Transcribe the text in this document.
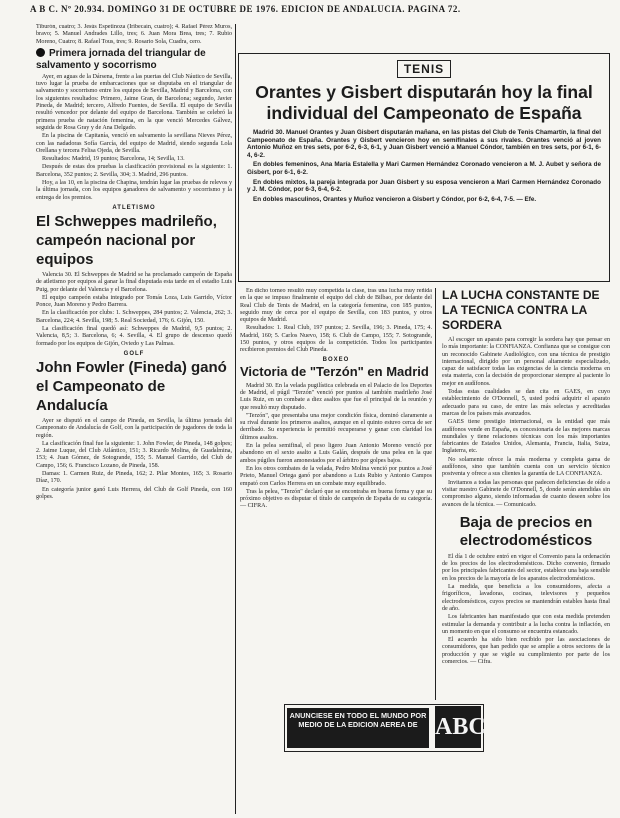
A B C. Nº 20.934. DOMINGO 31 DE OCTUBRE DE 1976. EDICION DE ANDALUCIA. PAGINA 72.

Tiburón, cuatro; 3. Jesús Espetinoza (Iribecaín, cuatro); 4. Rafael Pérez Muros, bravo; 5. Manuel Andrades Lillo, tres; 6. Juan Mora Brea, tres; 7. Rubio Moreno, Cuatro; 8. Rafael Tous, tres; 9. Rosario Sola, Cuadra, cero.

Primera jornada del triangular de salvamento y socorrismo

Ayer, en aguas de la Dársena, frente a las puertas del Club Náutico de Sevilla, tuvo lugar la prueba de embarcaciones que se disputaba en el triangular de salvamento y socorrismo entre los equipos de Sevilla, Madrid y Barcelona, con los siguientes resultados: Primero, Jaime Gran, de Barcelona; segundo, Javier Pineda, de Madrid; tercero, Alfredo Fuentes, de Sevilla. El equipo de Sevilla resultó vencedor por delante del equipo de Barcelona. También se celebró la primera prueba de natación femenina, en la que venció Mercedes Gálvez, seguida de Rosa Gray y de Ana Delgado.

En la piscina de Capitanía, venció en salvamento la sevillana Nieves Pérez, con las nadadoras Sofía García, del equipo de Madrid, siendo segunda Lola Orellana y tercera Felisa Ojeda, de Sevilla.

Resultados: Madrid, 19 puntos; Barcelona, 14; Sevilla, 13.

Después de estas dos pruebas la clasificación provisional es la siguiente: 1. Barcelona, 352 puntos; 2. Sevilla, 304; 3. Madrid, 296 puntos.

Hoy, a las 10, en la piscina de Chapina, tendrán lugar las pruebas de relevos y la última jornada, con los equipos ganadores de salvamento y socorrismo y la entrega de los premios.

ATLETISMO

El Schweppes madrileño, campeón nacional por equipos

Valencia 30. El Schweppes de Madrid se ha proclamado campeón de España de atletismo por equipos al ganar la final disputada esta tarde en el estadio Luis Puig, por delante del Valencia y el Barcelona.

El equipo campeón estaba integrado por Tomás Loza, Luis Garrido, Víctor Ponce, Juan Moreno y Pedro Barrera.

En la clasificación por clubs: 1. Schweppes, 284 puntos; 2. Valencia, 262; 3. Barcelona, 224; 4. Sevilla, 198; 5. Real Sociedad, 176; 6. Gijón, 150.

La clasificación final quedó así: Schweppes de Madrid, 9,5 puntos; 2. Valencia, 8,5; 3. Barcelona, 6; 4. Sevilla, 4. El grupo de descenso quedó formado por los equipos de Gijón, Oviedo y Las Palmas.

GOLF

John Fowler (Fineda) ganó el Campeonato de Andalucía

Ayer se disputó en el campo de Pineda, en Sevilla, la última jornada del Campeonato de Andalucía de Golf, con la participación de jugadores de toda la región.

La clasificación final fue la siguiente: 1. John Fowler, de Pineda, 148 golpes; 2. Jaime Luque, del Club Atlántico, 151; 3. Ricardo Molina, de Guadalmina, 153; 4. Juan Gómez, de Sotogrande, 155; 5. Manuel Garrido, del Club de Campo, 156; 6. Francisco Lozano, de Pineda, 158.

Damas: 1. Carmen Ruiz, de Pineda, 162; 2. Pilar Montes, 165; 3. Rosario Díaz, 170.

En categoría junior ganó Luis Herrera, del Club de Golf Pineda, con 160 golpes.

TENIS

Orantes y Gisbert disputarán hoy la final individual del Campeonato de España

Madrid 30. Manuel Orantes y Juan Gisbert disputarán mañana, en las pistas del Club de Tenis Chamartín, la final del Campeonato de España. Orantes y Gisbert vencieron hoy en semifinales a sus rivales. Orantes venció al joven Antonio Muñoz en tres sets, por 6-2, 6-3, 6-1, y Juan Gisbert venció a Manuel Cóndor, también en tres sets, por 6-1, 6-4, 6-2.

En dobles femeninos, Ana María Estalella y Mari Carmen Hernández Coronado vencieron a M. J. Aubet y señora de Gisbert, por 6-1, 6-2.

En dobles mixtos, la pareja integrada por Juan Gisbert y su esposa vencieron a Mari Carmen Hernández Coronado y J. M. Cóndor, por 6-3, 6-4, 6-2.

En dobles masculinos, Orantes y Muñoz vencieron a Gisbert y Cóndor, por 6-2, 6-4, 7-5. — Efe.

En dicho torneo resultó muy competida la clase, tras una lucha muy reñida en la que se impuso finalmente el equipo del club de Bilbao, por delante del Real Club de Tenis de Madrid, en la categoría femenina, con 185 puntos, seguido muy de cerca por el equipo de Sevilla, con 183 puntos, y otros equipos de Madrid.

Resultados: 1. Real Club, 197 puntos; 2. Sevilla, 196; 3. Pineda, 175; 4. Madrid, 160; 5. Carlos Nuevo, 158; 6. Club de Campo, 155; 7. Sotogrande, 150 puntos, y otros equipos de la competición. Todos los participantes recibieron premios del Club Pineda.

BOXEO

Victoria de "Terzón" en Madrid

Madrid 30. En la velada pugilística celebrada en el Palacio de los Deportes de Madrid, el púgil "Terzón" venció por puntos al también madrileño José Luis Ruiz, en un combate a diez asaltos que fue el principal de la reunión y que resultó muy disputado.

"Terzón", que presentaba una mejor condición física, dominó claramente a su rival durante los primeros asaltos, aunque en el quinto estuvo cerca de ser derribado. Su experiencia le permitió recuperarse y ganar con claridad los últimos asaltos.

En la pelea semifinal, el peso ligero Juan Antonio Moreno venció por abandono en el sexto asalto a Luis Galán, después de una pelea en la que ambos púgiles fueron amonestados por el árbitro por golpes bajos.

En los otros combates de la velada, Pedro Molina venció por puntos a José Prieto, Manuel Ortega ganó por abandono a Luis Rubio y Antonio Campos empató con Carlos Herrera en un combate muy equilibrado.

Tras la pelea, "Terzón" declaró que se encontraba en buena forma y que su próximo objetivo es disputar el título de campeón de España de su categoría. — CIFRA.

LA LUCHA CONSTANTE DE LA TECNICA CONTRA LA SORDERA

Al escoger un aparato para corregir la sordera hay que pensar en lo más importante: la CONFIANZA. Confianza que se consigue con un reconocido Gabinete Audiológico, con una técnica de prestigio internacional, dirigido por un personal altamente especializado, capaz de satisfacer todas las exigencias de la ciencia moderna en esta materia, con la decisión de proporcionar siempre al paciente lo mejor en audífonos.

Todas estas cualidades se dan cita en GAES, en cuyo establecimiento de O'Donnell, 5, usted podrá adquirir el aparato adecuado para su caso, de entre las más selectas y acreditadas marcas de los países más avanzados.

GAES tiene prestigio internacional, es la entidad que más audífonos vende en España, es concesionaria de las mejores marcas mundiales y tiene relaciones técnicas con los más importantes fabricantes de Estados Unidos, Alemania, Francia, Italia, Suiza, Inglaterra, etc.

No solamente ofrece la más moderna y completa gama de audífonos, sino que también cuenta con un servicio técnico postventa y ofrece a sus clientes la garantía de LA CONFIANZA.

Invitamos a todas las personas que padecen deficiencias de oído a visitar nuestro Gabinete de O'Donnell, 5, donde serán atendidas sin compromiso alguno, siendo informadas de cuanto deseen sobre los avances de la técnica. — Comunicado.

Baja de precios en electrodomésticos

El día 1 de octubre entró en vigor el Convenio para la ordenación de los precios de los electrodomésticos. Dicho convenio, firmado por los principales fabricantes del sector, establece una baja sensible en los precios de la mayoría de los aparatos electrodomésticos.

La medida, que beneficia a los consumidores, afecta a frigoríficos, lavadoras, cocinas, televisores y pequeños electrodomésticos, cuyos precios se mantendrán estables hasta final de año.

Los fabricantes han manifestado que con esta medida pretenden estimular la demanda y contribuir a la lucha contra la inflación, en un momento en que el consumo se encuentra estancado.

El acuerdo ha sido bien recibido por las asociaciones de consumidores, que han pedido que se amplíe a otros sectores de la producción y que se vigile su cumplimiento por parte de los comercios. — Cifra.

ANUNCIESE EN TODO EL MUNDO POR MEDIO DE LA EDICION AEREA DE ABC
